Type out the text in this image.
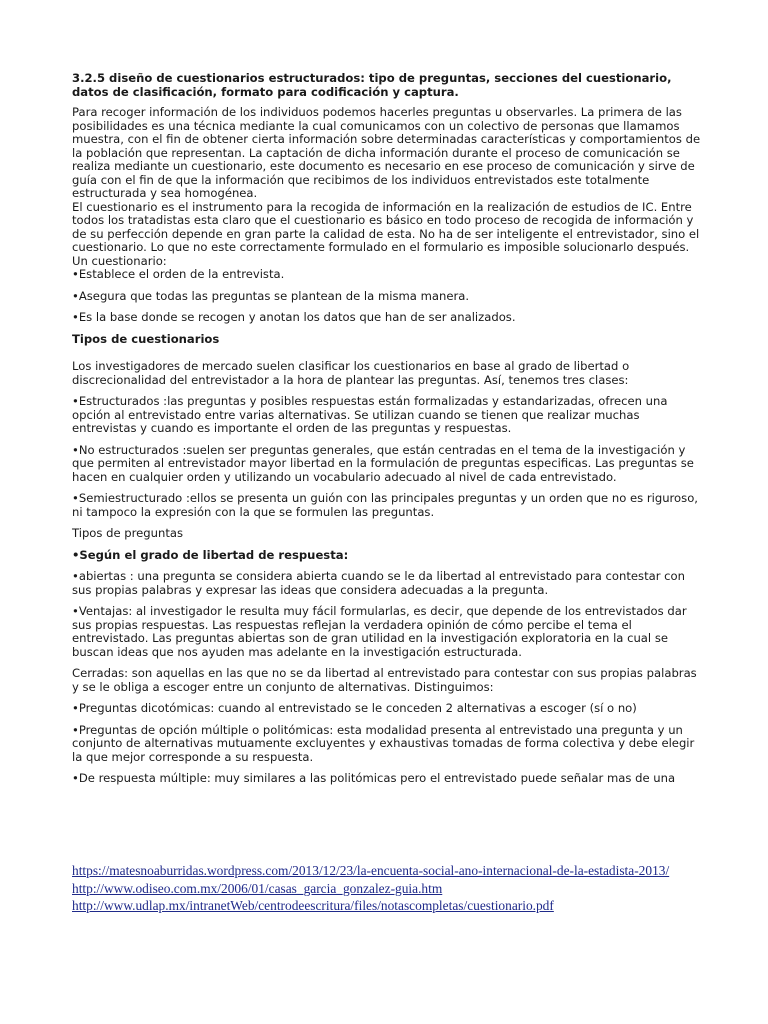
3.2.5 diseño de cuestionarios estructurados: tipo de preguntas, secciones del cuestionario, datos de clasificación, formato para codificación y captura.

Para recoger información de los individuos podemos hacerles preguntas u observarles. La primera de las posibilidades es una técnica mediante la cual comunicamos con un colectivo de personas que llamamos muestra, con el fin de obtener cierta información sobre determinadas características y comportamientos de la población que representan. La captación de dicha información durante el proceso de comunicación se realiza mediante un cuestionario, este documento es necesario en ese proceso de comunicación y sirve de guía con el fin de que la información que recibimos de los individuos entrevistados este totalmente estructurada y sea homogénea.

El cuestionario es el instrumento para la recogida de información en la realización de estudios de IC. Entre todos los tratadistas esta claro que el cuestionario es básico en todo proceso de recogida de información y de su perfección depende en gran parte la calidad de esta. No ha de ser inteligente el entrevistador, sino el cuestionario. Lo que no este correctamente formulado en el formulario es imposible solucionarlo después. Un cuestionario:

•Establece el orden de la entrevista.

•Asegura que todas las preguntas se plantean de la misma manera.

•Es la base donde se recogen y anotan los datos que han de ser analizados.

Tipos de cuestionarios

Los investigadores de mercado suelen clasificar los cuestionarios en base al grado de libertad o discrecionalidad del entrevistador a la hora de plantear las preguntas. Así, tenemos tres clases:

•Estructurados :las preguntas y posibles respuestas están formalizadas y estandarizadas, ofrecen una opción al entrevistado entre varias alternativas. Se utilizan cuando se tienen que realizar muchas entrevistas y cuando es importante el orden de las preguntas y respuestas.

•No estructurados :suelen ser preguntas generales, que están centradas en el tema de la investigación y que permiten al entrevistador mayor libertad en la formulación de preguntas especificas. Las preguntas se hacen en cualquier orden y utilizando un vocabulario adecuado al nivel de cada entrevistado.

•Semiestructurado :ellos se presenta un guión con las principales preguntas y un orden que no es riguroso, ni tampoco la expresión con la que se formulen las preguntas.

Tipos de preguntas

•Según el grado de libertad de respuesta:

•abiertas : una pregunta se considera abierta cuando se le da libertad al entrevistado para contestar con sus propias palabras y expresar las ideas que considera adecuadas a la pregunta.

•Ventajas: al investigador le resulta muy fácil formularlas, es decir, que depende de los entrevistados dar sus propias respuestas. Las respuestas reflejan la verdadera opinión de cómo percibe el tema el entrevistado. Las preguntas abiertas son de gran utilidad en la investigación exploratoria en la cual se buscan ideas que nos ayuden mas adelante en la investigación estructurada.

Cerradas: son aquellas en las que no se da libertad al entrevistado para contestar con sus propias palabras y se le obliga a escoger entre un conjunto de alternativas. Distinguimos:

•Preguntas dicotómicas: cuando al entrevistado se le conceden 2 alternativas a escoger (sí o no)

•Preguntas de opción múltiple o politómicas: esta modalidad presenta al entrevistado una pregunta y un conjunto de alternativas mutuamente excluyentes y exhaustivas tomadas de forma colectiva y debe elegir la que mejor corresponde a su respuesta.

•De respuesta múltiple: muy similares a las politómicas pero el entrevistado puede señalar mas de una

https://matesnoaburridas.wordpress.com/2013/12/23/la-encuenta-social-ano-internacional-de-la-estadista-2013/
http://www.odiseo.com.mx/2006/01/casas_garcia_gonzalez-guia.htm
http://www.udlap.mx/intranetWeb/centrodeescritura/files/notascompletas/cuestionario.pdf
